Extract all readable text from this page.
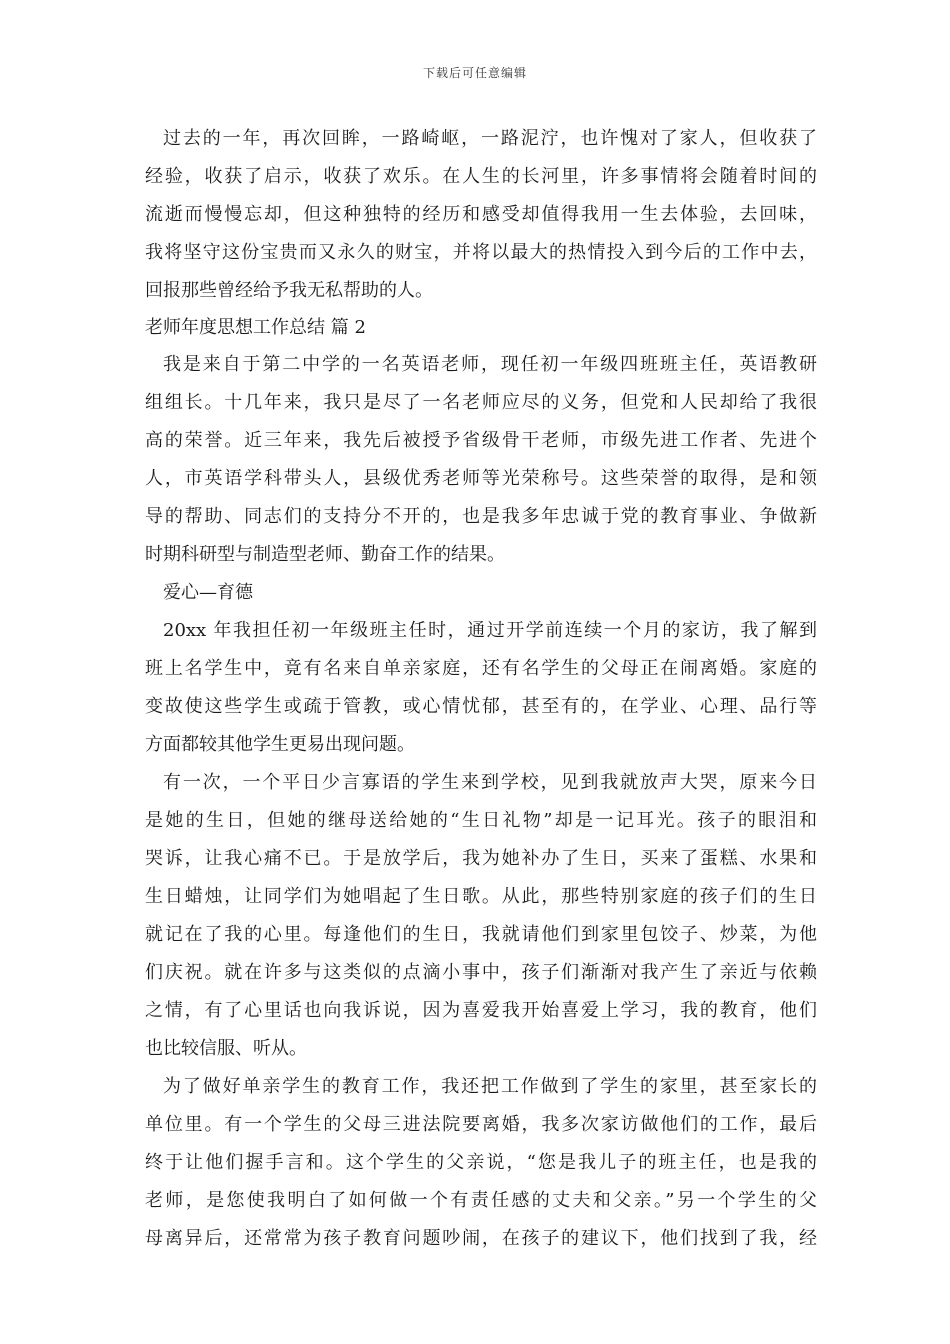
下载后可任意编辑
过去的一年，再次回眸，一路崎岖，一路泥泞，也许愧对了家人，但收获了
经验，收获了启示，收获了欢乐。在人生的长河里，许多事情将会随着时间的
流逝而慢慢忘却，但这种独特的经历和感受却值得我用一生去体验，去回味，
我将坚守这份宝贵而又永久的财宝，并将以最大的热情投入到今后的工作中去，
回报那些曾经给予我无私帮助的人。
老师年度思想工作总结 篇 2
我是来自于第二中学的一名英语老师，现任初一年级四班班主任，英语教研
组组长。十几年来，我只是尽了一名老师应尽的义务，但党和人民却给了我很
高的荣誉。近三年来，我先后被授予省级骨干老师，市级先进工作者、先进个
人，市英语学科带头人，县级优秀老师等光荣称号。这些荣誉的取得，是和领
导的帮助、同志们的支持分不开的，也是我多年忠诚于党的教育事业、争做新
时期科研型与制造型老师、勤奋工作的结果。
爱心—育德
20xx 年我担任初一年级班主任时，通过开学前连续一个月的家访，我了解到
班上名学生中，竟有名来自单亲家庭，还有名学生的父母正在闹离婚。家庭的
变故使这些学生或疏于管教，或心情忧郁，甚至有的，在学业、心理、品行等
方面都较其他学生更易出现问题。
有一次，一个平日少言寡语的学生来到学校，见到我就放声大哭，原来今日
是她的生日，但她的继母送给她的“生日礼物”却是一记耳光。孩子的眼泪和
哭诉，让我心痛不已。于是放学后，我为她补办了生日，买来了蛋糕、水果和
生日蜡烛，让同学们为她唱起了生日歌。从此，那些特别家庭的孩子们的生日
就记在了我的心里。每逢他们的生日，我就请他们到家里包饺子、炒菜，为他
们庆祝。就在许多与这类似的点滴小事中，孩子们渐渐对我产生了亲近与依赖
之情，有了心里话也向我诉说，因为喜爱我开始喜爱上学习，我的教育，他们
也比较信服、听从。
为了做好单亲学生的教育工作，我还把工作做到了学生的家里，甚至家长的
单位里。有一个学生的父母三进法院要离婚，我多次家访做他们的工作，最后
终于让他们握手言和。这个学生的父亲说，“您是我儿子的班主任，也是我的
老师，是您使我明白了如何做一个有责任感的丈夫和父亲。”另一个学生的父
母离异后，还常常为孩子教育问题吵闹，在孩子的建议下，他们找到了我，经
